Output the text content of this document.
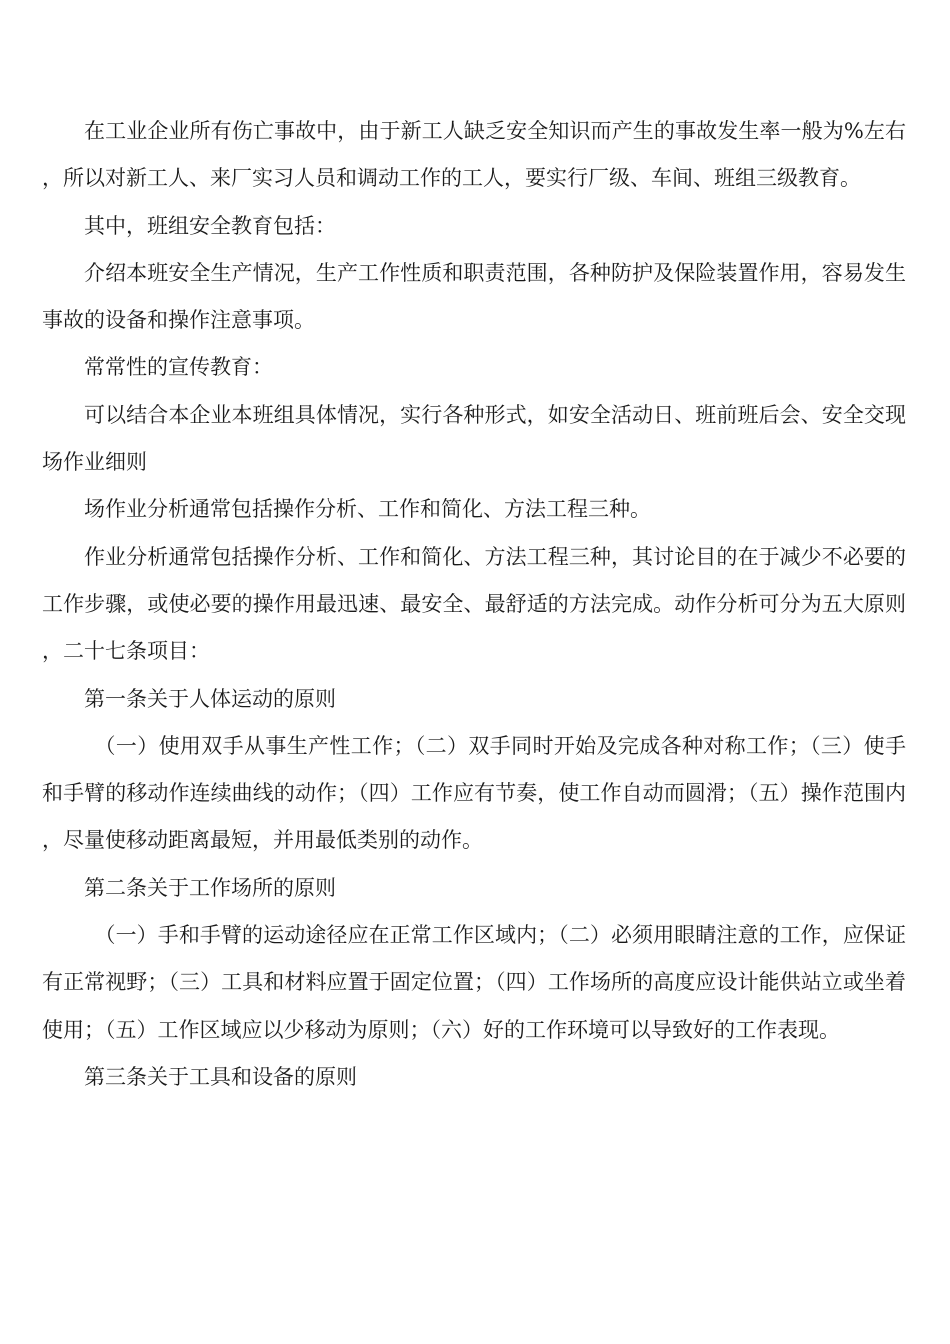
在工业企业所有伤亡事故中，由于新工人缺乏安全知识而产生的事故发生率一般为%左右，所以对新工人、来厂实习人员和调动工作的工人，要实行厂级、车间、班组三级教育。

其中，班组安全教育包括：

介绍本班安全生产情况，生产工作性质和职责范围，各种防护及保险装置作用，容易发生事故的设备和操作注意事项。

常常性的宣传教育：

可以结合本企业本班组具体情况，实行各种形式，如安全活动日、班前班后会、安全交现场作业细则

场作业分析通常包括操作分析、工作和简化、方法工程三种。

作业分析通常包括操作分析、工作和简化、方法工程三种，其讨论目的在于减少不必要的工作步骤，或使必要的操作用最迅速、最安全、最舒适的方法完成。动作分析可分为五大原则，二十七条项目：

第一条关于人体运动的原则

（一）使用双手从事生产性工作；（二）双手同时开始及完成各种对称工作；（三）使手和手臂的移动作连续曲线的动作；（四）工作应有节奏，使工作自动而圆滑；（五）操作范围内，尽量使移动距离最短，并用最低类别的动作。

第二条关于工作场所的原则

（一）手和手臂的运动途径应在正常工作区域内；（二）必须用眼睛注意的工作，应保证有正常视野；（三）工具和材料应置于固定位置；（四）工作场所的高度应设计能供站立或坐着使用；（五）工作区域应以少移动为原则；（六）好的工作环境可以导致好的工作表现。

第三条关于工具和设备的原则
